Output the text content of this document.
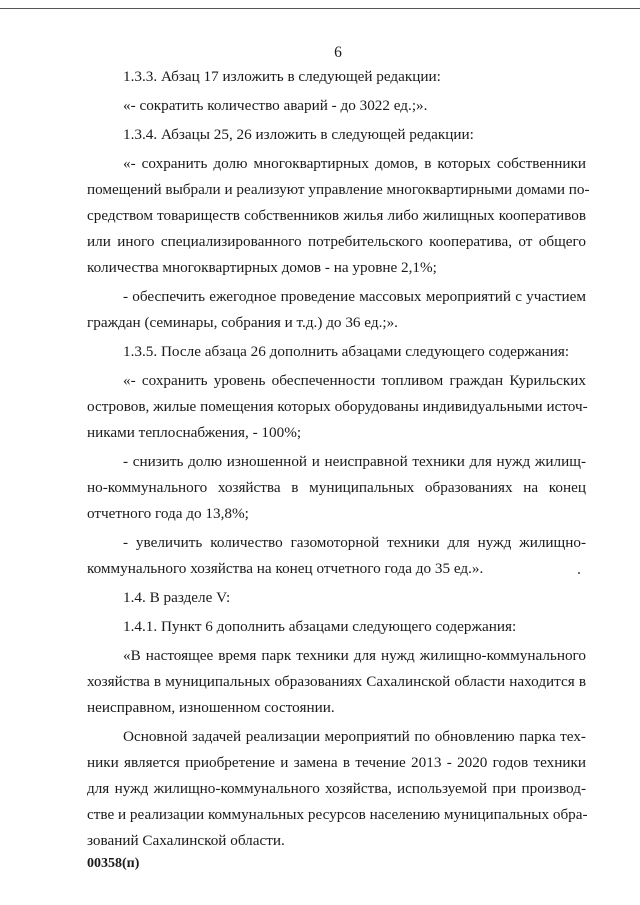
6
1.3.3. Абзац 17 изложить в следующей редакции:
«- сократить количество аварий - до 3022 ед.;».
1.3.4. Абзацы 25, 26 изложить в следующей редакции:
«- сохранить долю многоквартирных домов, в которых собственники
помещений выбрали и реализуют управление многоквартирными домами по-
средством товариществ собственников жилья либо жилищных кооперативов
или иного специализированного потребительского кооператива, от общего
количества многоквартирных домов - на уровне 2,1%;
- обеспечить ежегодное проведение массовых мероприятий с участием
граждан (семинары, собрания и т.д.) до 36 ед.;».
1.3.5. После абзаца 26 дополнить абзацами следующего содержания:
«- сохранить уровень обеспеченности топливом граждан Курильских
островов, жилые помещения которых оборудованы индивидуальными источ-
никами теплоснабжения, - 100%;
- снизить долю изношенной и неисправной техники для нужд жилищ-
но-коммунального хозяйства в муниципальных образованиях на конец
отчетного года до 13,8%;
- увеличить количество газомоторной техники для нужд жилищно-
коммунального хозяйства на конец отчетного года до 35 ед.».
1.4. В разделе V:
1.4.1. Пункт 6 дополнить абзацами следующего содержания:
«В настоящее время парк техники для нужд жилищно-коммунального
хозяйства в муниципальных образованиях Сахалинской области находится в
неисправном, изношенном состоянии.
Основной задачей реализации мероприятий по обновлению парка тех-
ники является приобретение и замена в течение 2013 - 2020 годов техники
для нужд жилищно-коммунального хозяйства, используемой при производ-
стве и реализации коммунальных ресурсов населению муниципальных обра-
зований Сахалинской области.
00358(п)
